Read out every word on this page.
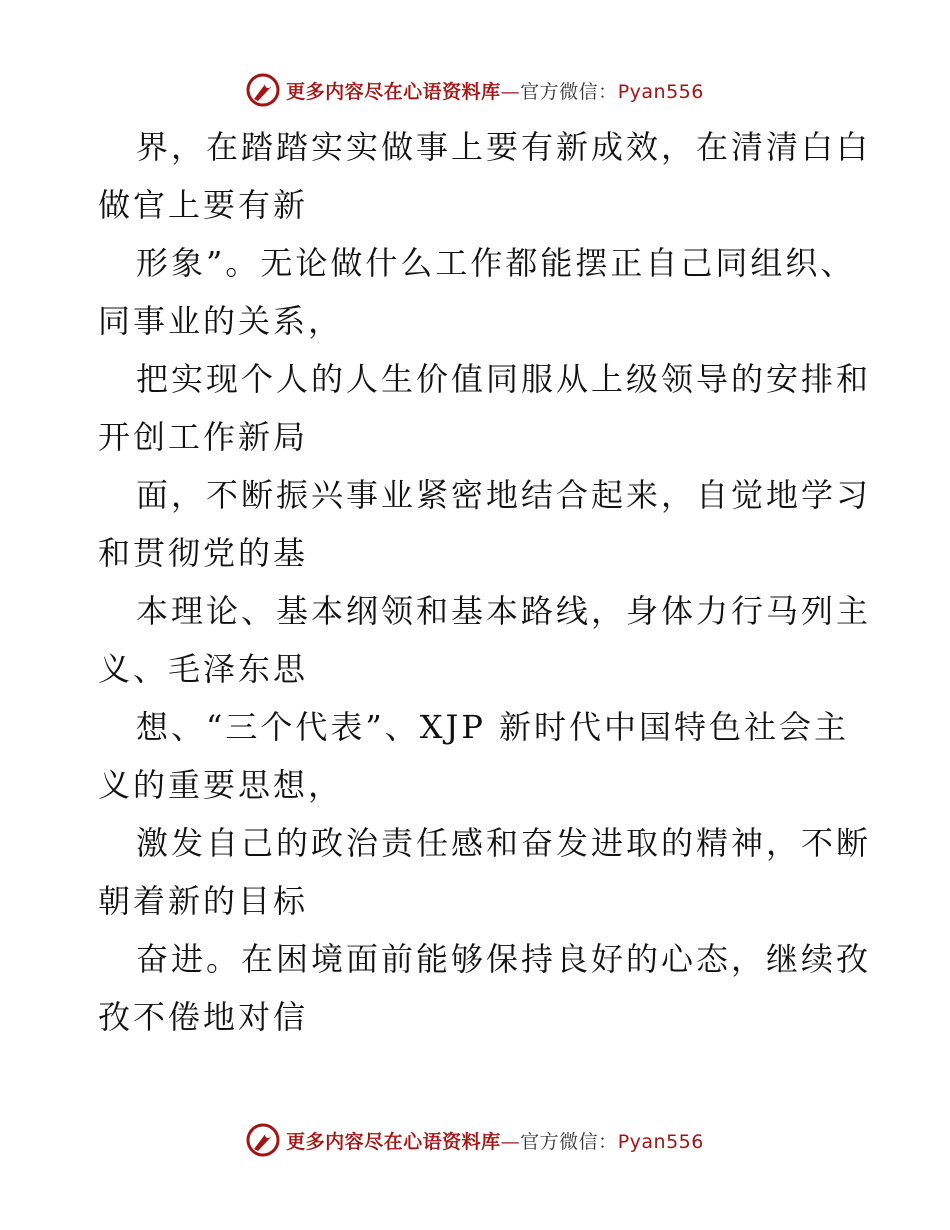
更多内容尽在心语资料库—官方微信：Pyan556

界，在踏踏实实做事上要有新成效，在清清白白
做官上要有新

形象”。无论做什么工作都能摆正自己同组织、
同事业的关系，

把实现个人的人生价值同服从上级领导的安排和
开创工作新局

面，不断振兴事业紧密地结合起来，自觉地学习
和贯彻党的基

本理论、基本纲领和基本路线，身体力行马列主
义、毛泽东思

想、“三个代表”、XJP 新时代中国特色社会主
义的重要思想，

激发自己的政治责任感和奋发进取的精神，不断
朝着新的目标

奋进。在困境面前能够保持良好的心态，继续孜
孜不倦地对信

更多内容尽在心语资料库—官方微信：Pyan556
